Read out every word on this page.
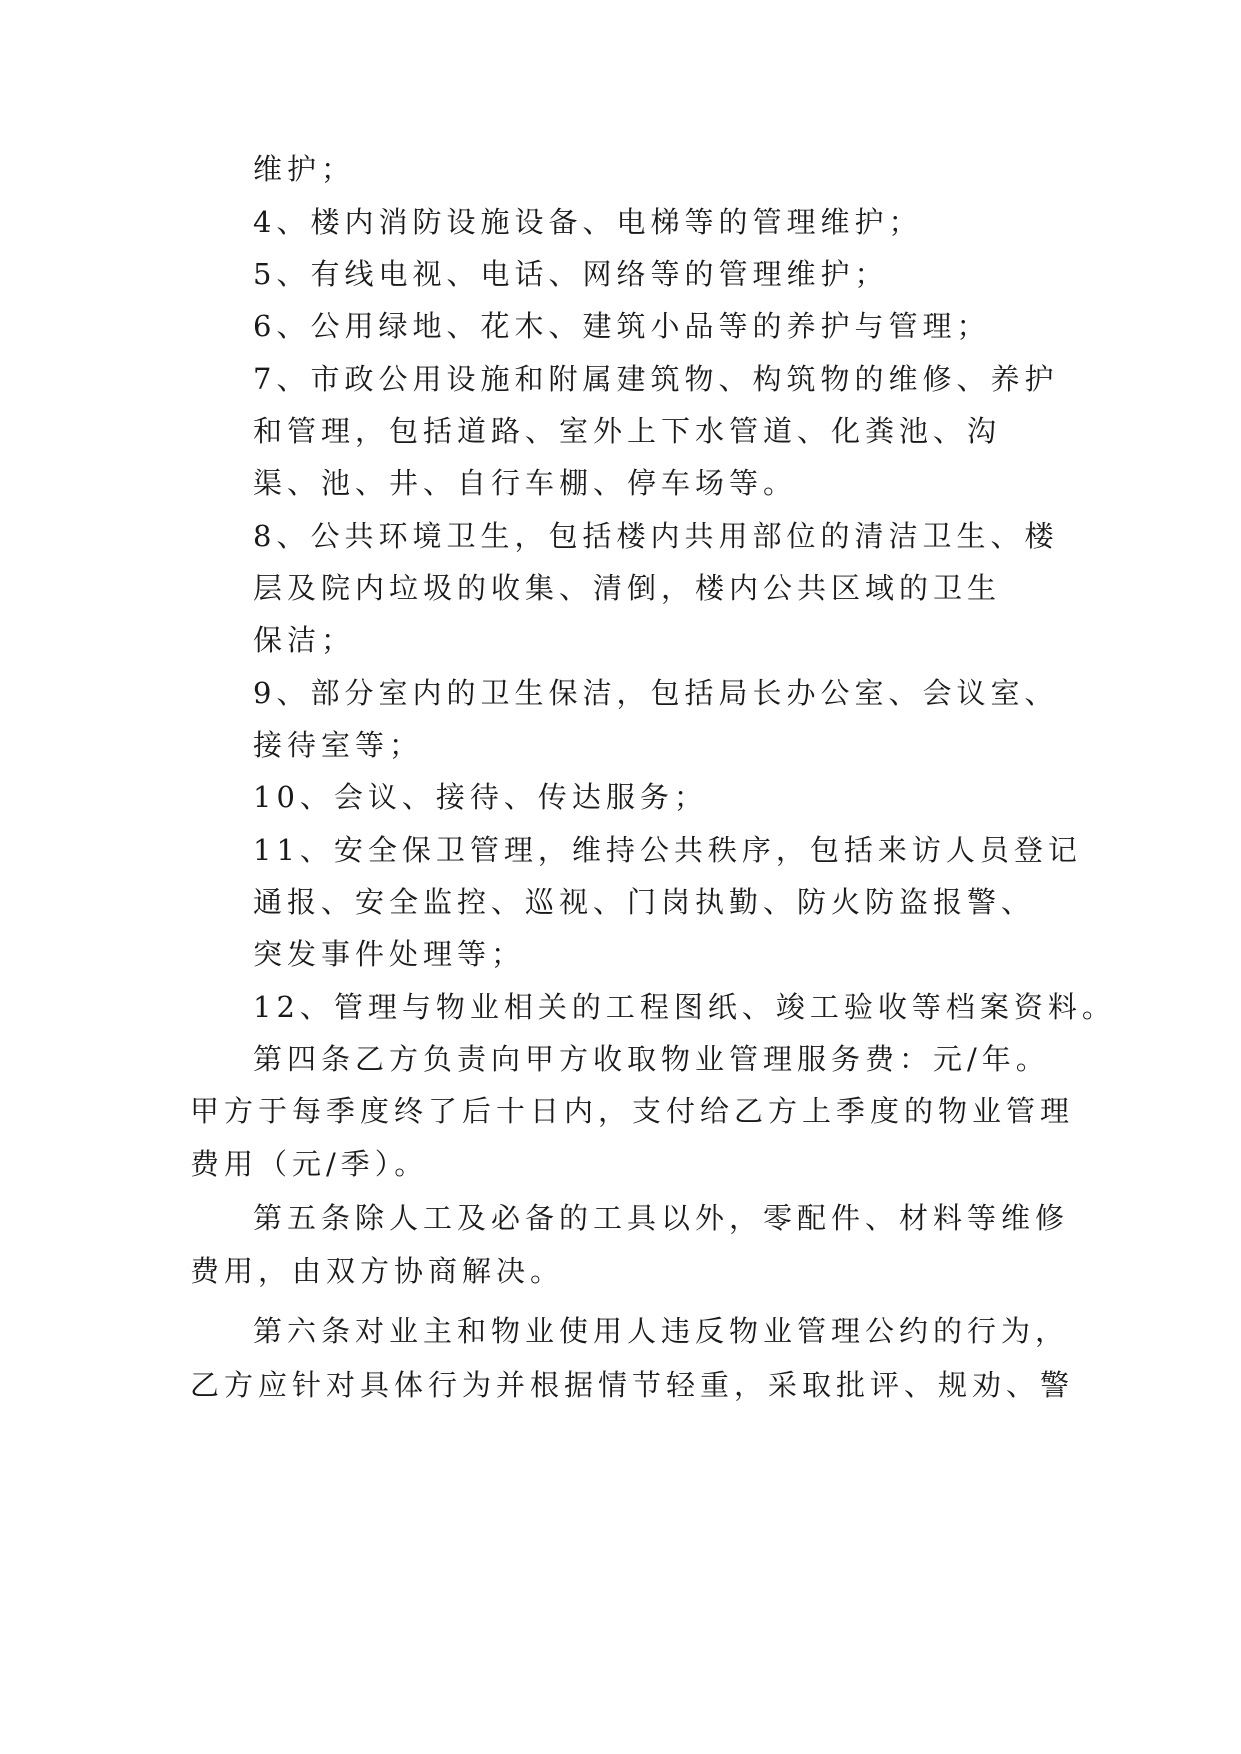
维护；
4、楼内消防设施设备、电梯等的管理维护；
5、有线电视、电话、网络等的管理维护；
6、公用绿地、花木、建筑小品等的养护与管理；
7、市政公用设施和附属建筑物、构筑物的维修、养护
和管理，包括道路、室外上下水管道、化粪池、沟
渠、池、井、自行车棚、停车场等。
8、公共环境卫生，包括楼内共用部位的清洁卫生、楼
层及院内垃圾的收集、清倒，楼内公共区域的卫生
保洁；
9、部分室内的卫生保洁，包括局长办公室、会议室、
接待室等；
10、会议、接待、传达服务；
11、安全保卫管理，维持公共秩序，包括来访人员登记
通报、安全监控、巡视、门岗执勤、防火防盗报警、
突发事件处理等；
12、管理与物业相关的工程图纸、竣工验收等档案资料。
第四条乙方负责向甲方收取物业管理服务费：元/年。
甲方于每季度终了后十日内，支付给乙方上季度的物业管理
费用（元/季）。
第五条除人工及必备的工具以外，零配件、材料等维修
费用，由双方协商解决。
第六条对业主和物业使用人违反物业管理公约的行为，
乙方应针对具体行为并根据情节轻重，采取批评、规劝、警
